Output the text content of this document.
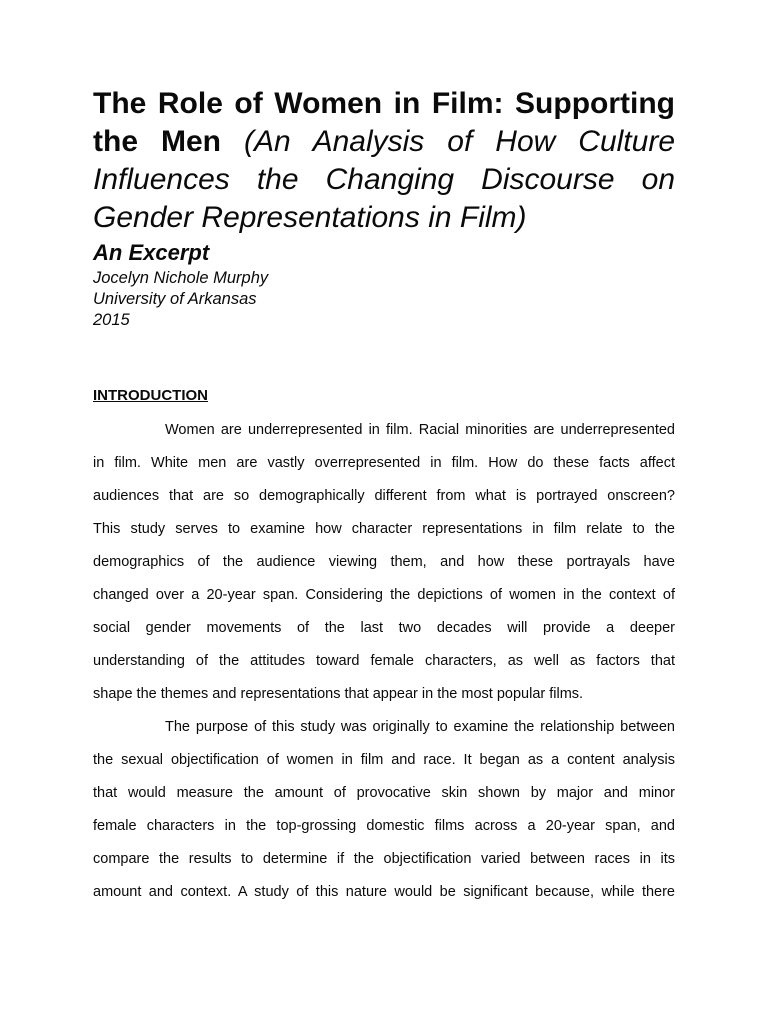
The Role of Women in Film: Supporting the Men (An Analysis of How Culture Influences the Changing Discourse on Gender Representations in Film)
An Excerpt
Jocelyn Nichole Murphy
University of Arkansas
2015
INTRODUCTION
Women are underrepresented in film. Racial minorities are underrepresented
in film. White men are vastly overrepresented in film. How do these facts affect
audiences that are so demographically different from what is portrayed onscreen?
This study serves to examine how character representations in film relate to the
demographics of the audience viewing them, and how these portrayals have
changed over a 20-year span. Considering the depictions of women in the context of
social gender movements of the last two decades will provide a deeper
understanding of the attitudes toward female characters, as well as factors that
shape the themes and representations that appear in the most popular films.
The purpose of this study was originally to examine the relationship between
the sexual objectification of women in film and race. It began as a content analysis
that would measure the amount of provocative skin shown by major and minor
female characters in the top-grossing domestic films across a 20-year span, and
compare the results to determine if the objectification varied between races in its
amount and context. A study of this nature would be significant because, while there
